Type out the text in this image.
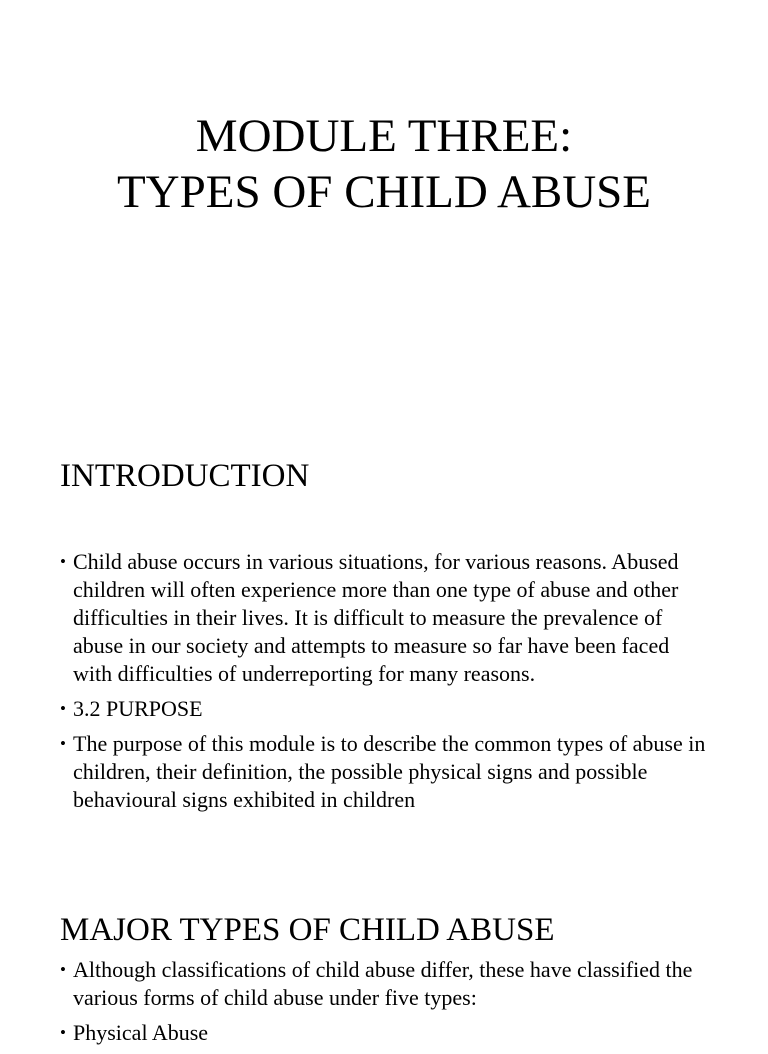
MODULE THREE:
TYPES OF CHILD ABUSE
INTRODUCTION
• Child abuse occurs in various situations, for various reasons. Abused children will often experience more than one type of abuse and other difficulties in their lives. It is difficult to measure the prevalence of abuse in our society and attempts to measure so far have been faced with difficulties of underreporting for many reasons.
• 3.2 PURPOSE
• The purpose of this module is to describe the common types of abuse in children, their definition, the possible physical signs and possible behavioural signs exhibited in children
MAJOR TYPES OF CHILD ABUSE
• Although classifications of child abuse differ, these have classified the various forms of child abuse under five types:
• Physical Abuse
